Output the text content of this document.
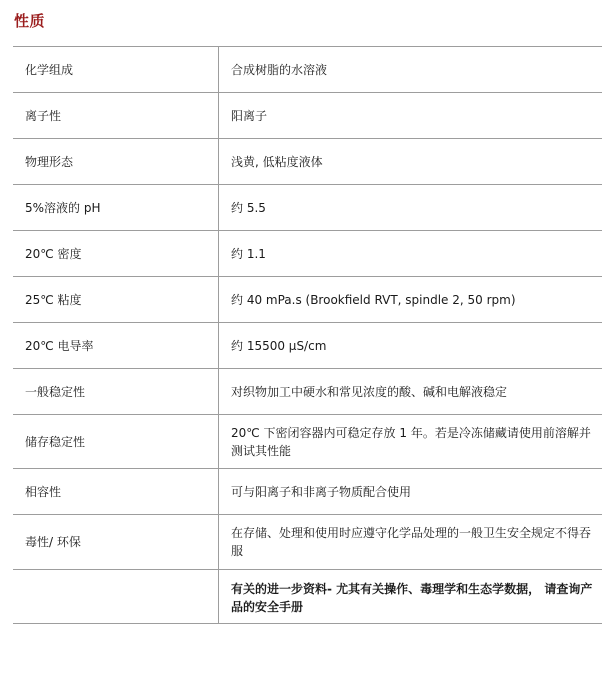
性质
化学组成	合成树脂的水溶液
离子性	阳离子
物理形态	浅黄, 低粘度液体
5%溶液的 pH	约 5.5
20℃ 密度	约 1.1
25℃ 粘度	约 40 mPa.s (Brookfield RVT, spindle 2, 50 rpm)
20℃ 电导率	约 15500 µS/cm
一般稳定性	对织物加工中硬水和常见浓度的酸、碱和电解液稳定
储存稳定性	20℃ 下密闭容器内可稳定存放 1 年。若是冷冻储藏请使用前溶解并测试其性能
相容性	可与阳离子和非离子物质配合使用
毒性/ 环保	在存储、处理和使用时应遵守化学品处理的一般卫生安全规定不得吞服
	有关的进一步资料- 尤其有关操作、毒理学和生态学数据， 请查询产品的安全手册
